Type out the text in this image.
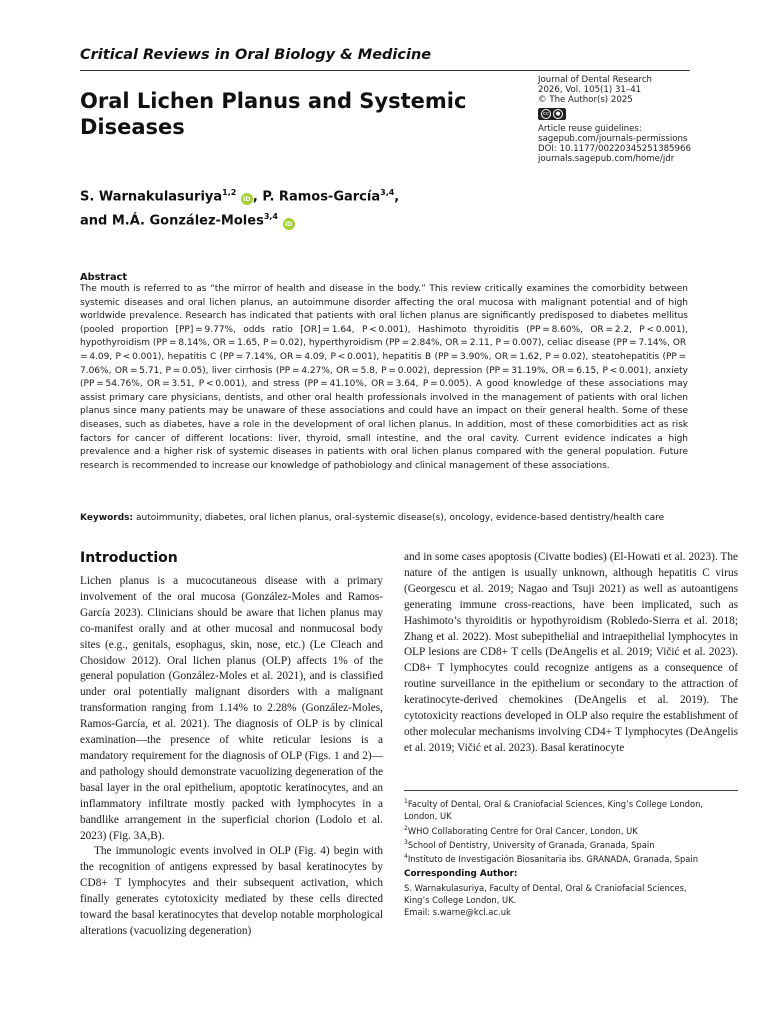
Critical Reviews in Oral Biology & Medicine
Oral Lichen Planus and Systemic
Diseases
Journal of Dental Research
2026, Vol. 105(1) 31–41
© The Author(s) 2025
cc	●
Article reuse guidelines:
sagepub.com/journals-permissions
DOI: 10.1177/00220345251385966
journals.sagepub.com/home/jdr
S. Warnakulasuriya$^{1,2}$ iD , P. Ramos-García$^{3,4}$,
and M.Á. González-Moles$^{3,4}$ iD
Abstract

The mouth is referred to as “the mirror of health and disease in the body.” This review critically examines the comorbidity between systemic diseases and oral lichen planus, an autoimmune disorder affecting the oral mucosa with malignant potential and of high worldwide prevalence. Research has indicated that patients with oral lichen planus are significantly predisposed to diabetes mellitus (pooled proportion [PP] = 9.77%, odds ratio [OR] = 1.64, P < 0.001), Hashimoto thyroiditis (PP = 8.60%, OR = 2.2, P < 0.001), hypothyroidism (PP = 8.14%, OR = 1.65, P = 0.02), hyperthyroidism (PP = 2.84%, OR = 2.11, P = 0.007), celiac disease (PP = 7.14%, OR = 4.09, P < 0.001), hepatitis C (PP = 7.14%, OR = 4.09, P < 0.001), hepatitis B (PP = 3.90%, OR = 1.62, P = 0.02), steatohepatitis (PP = 7.06%, OR = 5.71, P = 0.05), liver cirrhosis (PP = 4.27%, OR = 5.8, P = 0.002), depression (PP = 31.19%, OR = 6.15, P < 0.001), anxiety (PP = 54.76%, OR = 3.51, P < 0.001), and stress (PP = 41.10%, OR = 3.64, P = 0.005). A good knowledge of these associations may assist primary care physicians, dentists, and other oral health professionals involved in the management of patients with oral lichen planus since many patients may be unaware of these associations and could have an impact on their general health. Some of these diseases, such as diabetes, have a role in the development of oral lichen planus. In addition, most of these comorbidities act as risk factors for cancer of different locations: liver, thyroid, small intestine, and the oral cavity. Current evidence indicates a high prevalence and a higher risk of systemic diseases in patients with oral lichen planus compared with the general population. Future research is recommended to increase our knowledge of pathobiology and clinical management of these associations.

Keywords: autoimmunity, diabetes, oral lichen planus, oral-systemic disease(s), oncology, evidence-based dentistry/health care
Introduction

Lichen planus is a mucocutaneous disease with a primary involvement of the oral mucosa (González-Moles and Ramos-García 2023). Clinicians should be aware that lichen planus may co-manifest orally and at other mucosal and nonmucosal body sites (e.g., genitals, esophagus, skin, nose, etc.) (Le Cleach and Chosidow 2012). Oral lichen planus (OLP) affects 1% of the general population (González-Moles et al. 2021), and is classified under oral potentially malignant disorders with a malignant transformation ranging from 1.14% to 2.28% (González-Moles, Ramos-García, et al. 2021). The diagnosis of OLP is by clinical examination—the presence of white reticular lesions is a mandatory requirement for the diagnosis of OLP (Figs. 1 and 2)—and pathology should demonstrate vacuolizing degeneration of the basal layer in the oral epithelium, apoptotic keratinocytes, and an inflammatory infiltrate mostly packed with lymphocytes in a bandlike arrangement in the superficial chorion (Lodolo et al. 2023) (Fig. 3A,B).

The immunologic events involved in OLP (Fig. 4) begin with the recognition of antigens expressed by basal keratinocytes by CD8+ T lymphocytes and their subsequent activation, which finally generates cytotoxicity mediated by these cells directed toward the basal keratinocytes that develop notable morphological alterations (vacuolizing degeneration)

and in some cases apoptosis (Civatte bodies) (El-Howati et al. 2023). The nature of the antigen is usually unknown, although hepatitis C virus (Georgescu et al. 2019; Nagao and Tsuji 2021) as well as autoantigens generating immune cross-reactions, have been implicated, such as Hashimoto’s thyroiditis or hypothyroidism (Robledo-Sierra et al. 2018; Zhang et al. 2022). Most subepithelial and intraepithelial lymphocytes in OLP lesions are CD8+ T cells (DeAngelis et al. 2019; Vičić et al. 2023). CD8+ T lymphocytes could recognize antigens as a consequence of routine surveillance in the epithelium or secondary to the attraction of keratinocyte-derived chemokines (DeAngelis et al. 2019). The cytotoxicity reactions developed in OLP also require the establishment of other molecular mechanisms involving CD4+ T lymphocytes (DeAngelis et al. 2019; Vičić et al. 2023). Basal keratinocyte

$^1$Faculty of Dental, Oral & Craniofacial Sciences, King’s College London, London, UK
$^2$WHO Collaborating Centre for Oral Cancer, London, UK
$^3$School of Dentistry, University of Granada, Granada, Spain
$^4$Instituto de Investigación Biosanitaria ibs. GRANADA, Granada, Spain
Corresponding Author:
S. Warnakulasuriya, Faculty of Dental, Oral & Craniofacial Sciences,
King’s College London, UK.
Email: s.warne@kcl.ac.uk
